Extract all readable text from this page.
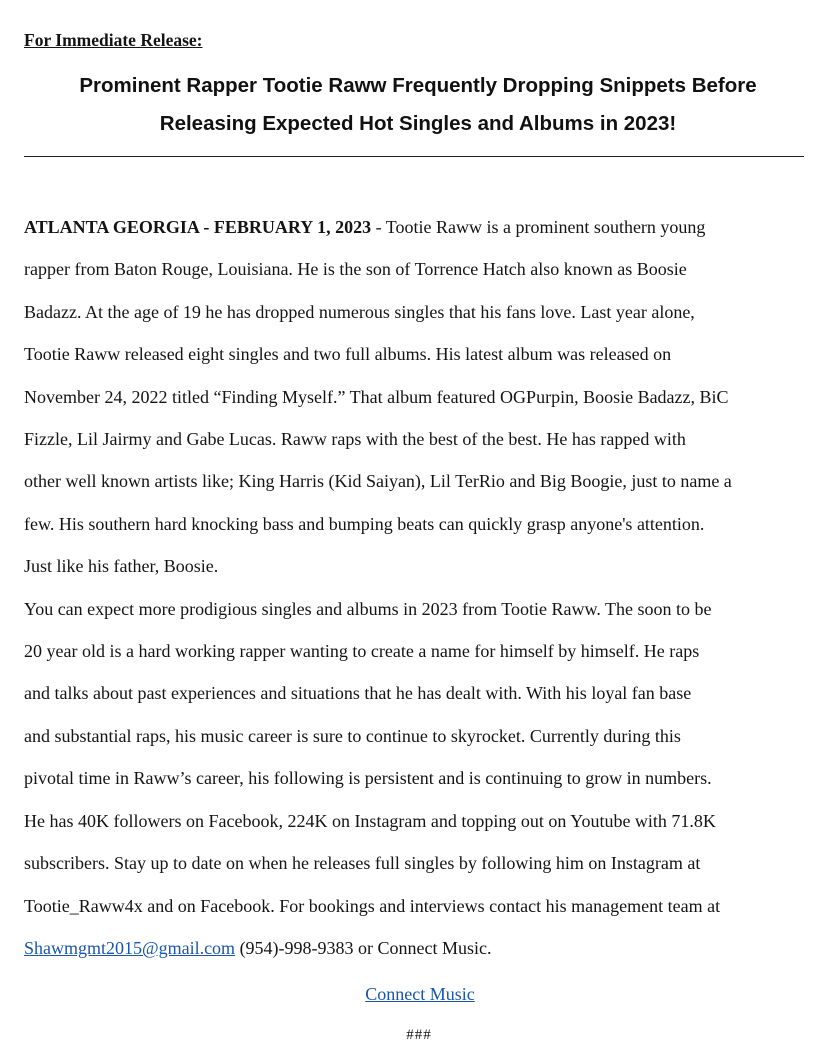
For Immediate Release:

Prominent Rapper Tootie Raww Frequently Dropping Snippets Before
Releasing Expected Hot Singles and Albums in 2023!

ATLANTA GEORGIA - FEBRUARY 1, 2023 - Tootie Raww is a prominent southern young
rapper from Baton Rouge, Louisiana. He is the son of Torrence Hatch also known as Boosie
Badazz. At the age of 19 he has dropped numerous singles that his fans love. Last year alone,
Tootie Raww released eight singles and two full albums. His latest album was released on
November 24, 2022 titled “Finding Myself.” That album featured OGPurpin, Boosie Badazz, BiC
Fizzle, Lil Jairmy and Gabe Lucas. Raww raps with the best of the best. He has rapped with
other well known artists like; King Harris (Kid Saiyan), Lil TerRio and Big Boogie, just to name a
few. His southern hard knocking bass and bumping beats can quickly grasp anyone's attention.
Just like his father, Boosie.

You can expect more prodigious singles and albums in 2023 from Tootie Raww. The soon to be
20 year old is a hard working rapper wanting to create a name for himself by himself. He raps
and talks about past experiences and situations that he has dealt with. With his loyal fan base
and substantial raps, his music career is sure to continue to skyrocket. Currently during this
pivotal time in Raww’s career, his following is persistent and is continuing to grow in numbers.
He has 40K followers on Facebook, 224K on Instagram and topping out on Youtube with 71.8K
subscribers. Stay up to date on when he releases full singles by following him on Instagram at
Tootie_Raww4x and on Facebook. For bookings and interviews contact his management team at
Shawmgmt2015@gmail.com (954)-998-9383 or Connect Music.

Connect Music
###
